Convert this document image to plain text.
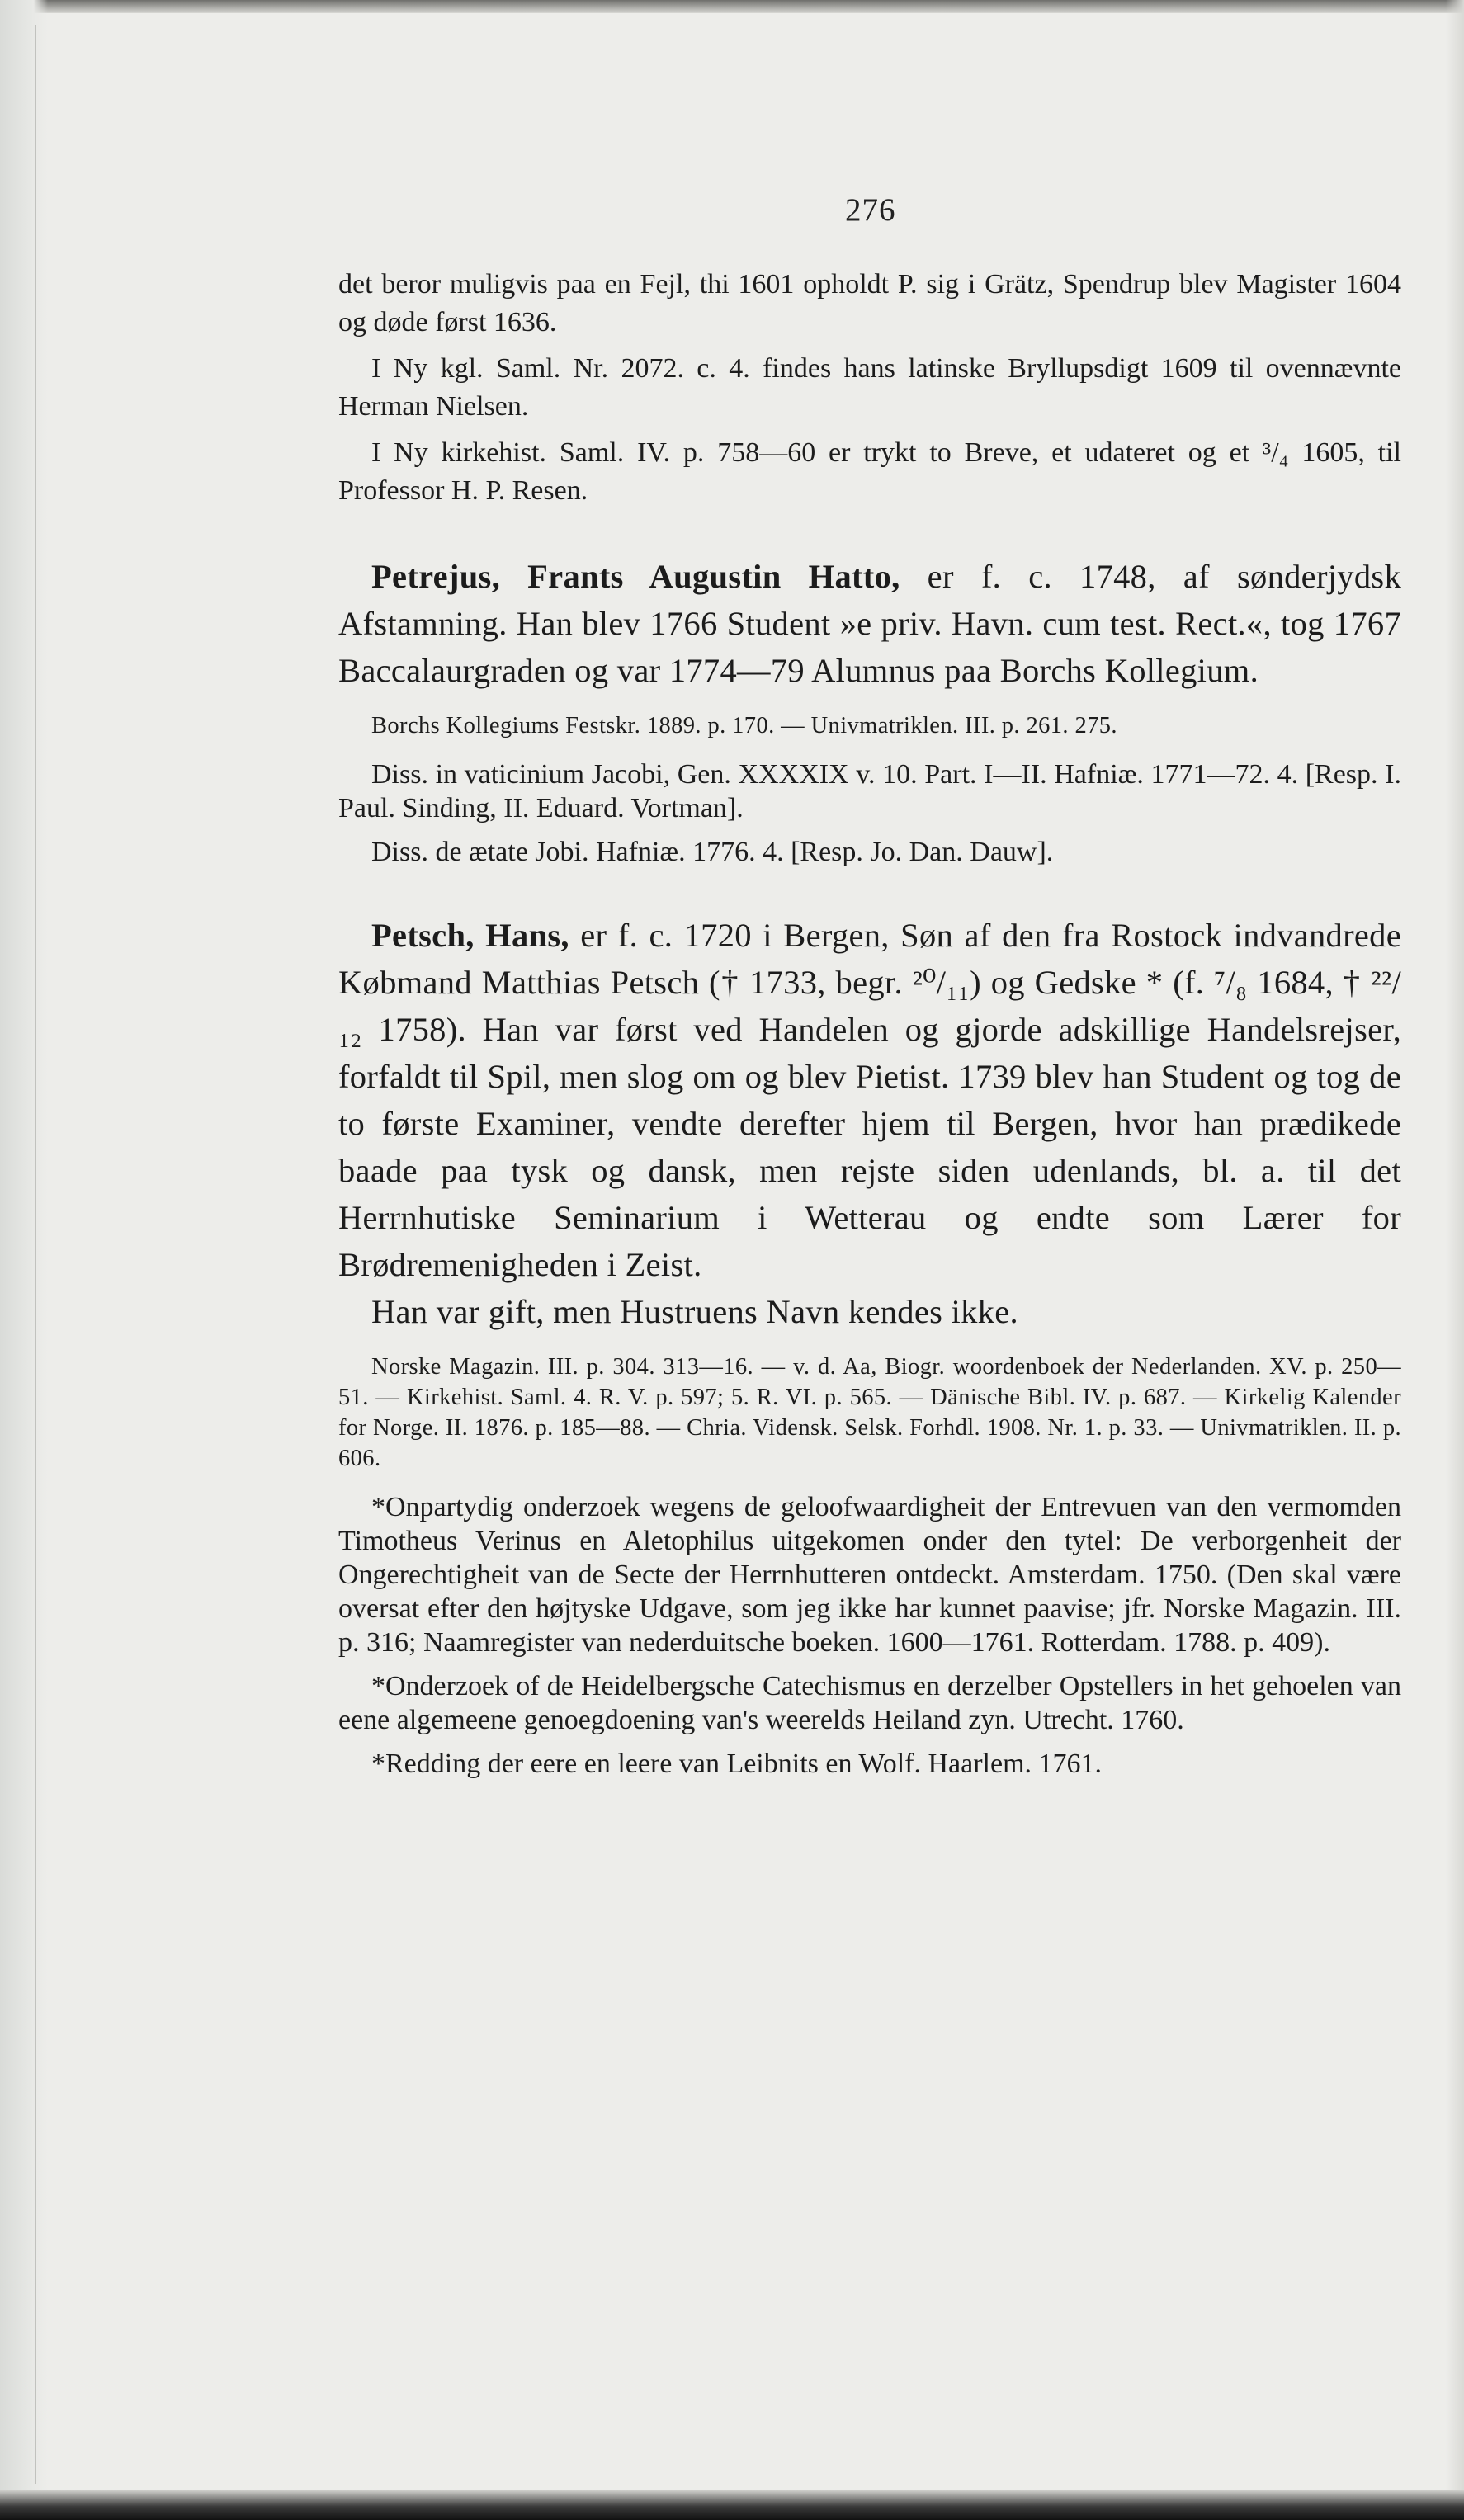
276

det beror muligvis paa en Fejl, thi 1601 opholdt P. sig i Grätz, Spendrup blev Magister 1604 og døde først 1636.

I Ny kgl. Saml. Nr. 2072. c. 4. findes hans latinske Bryllupsdigt 1609 til ovennævnte Herman Nielsen.

I Ny kirkehist. Saml. IV. p. 758—60 er trykt to Breve, et udateret og et ³/₄ 1605, til Professor H. P. Resen.

Petrejus, Frants Augustin Hatto, er f. c. 1748, af sønderjydsk Afstamning. Han blev 1766 Student »e priv. Havn. cum test. Rect.«, tog 1767 Baccalaurgraden og var 1774—79 Alumnus paa Borchs Kollegium.

Borchs Kollegiums Festskr. 1889. p. 170. — Univmatriklen. III. p. 261. 275.

Diss. in vaticinium Jacobi, Gen. XXXXIX v. 10. Part. I—II. Hafniæ. 1771—72. 4. [Resp. I. Paul. Sinding, II. Eduard. Vortman].

Diss. de ætate Jobi. Hafniæ. 1776. 4. [Resp. Jo. Dan. Dauw].

Petsch, Hans, er f. c. 1720 i Bergen, Søn af den fra Rostock indvandrede Købmand Matthias Petsch († 1733, begr. ²⁰/₁₁) og Gedske * (f. ⁷/₈ 1684, † ²²/₁₂ 1758). Han var først ved Handelen og gjorde adskillige Handelsrejser, forfaldt til Spil, men slog om og blev Pietist. 1739 blev han Student og tog de to første Examiner, vendte derefter hjem til Bergen, hvor han prædikede baade paa tysk og dansk, men rejste siden udenlands, bl. a. til det Herrnhutiske Seminarium i Wetterau og endte som Lærer for Brødremenigheden i Zeist.

Han var gift, men Hustruens Navn kendes ikke.

Norske Magazin. III. p. 304. 313—16. — v. d. Aa, Biogr. woordenboek der Nederlanden. XV. p. 250—51. — Kirkehist. Saml. 4. R. V. p. 597; 5. R. VI. p. 565. — Dänische Bibl. IV. p. 687. — Kirkelig Kalender for Norge. II. 1876. p. 185—88. — Chria. Vidensk. Selsk. Forhdl. 1908. Nr. 1. p. 33. — Univmatriklen. II. p. 606.

*Onpartydig onderzoek wegens de geloofwaardigheit der Entrevuen van den vermomden Timotheus Verinus en Aletophilus uitgekomen onder den tytel: De verborgenheit der Ongerechtigheit van de Secte der Herrnhutteren ontdeckt. Amsterdam. 1750. (Den skal være oversat efter den højtyske Udgave, som jeg ikke har kunnet paavise; jfr. Norske Magazin. III. p. 316; Naamregister van nederduitsche boeken. 1600—1761. Rotterdam. 1788. p. 409).

*Onderzoek of de Heidelbergsche Catechismus en derzelber Opstellers in het gehoelen van eene algemeene genoegdoening van's weerelds Heiland zyn. Utrecht. 1760.

*Redding der eere en leere van Leibnits en Wolf. Haarlem. 1761.
